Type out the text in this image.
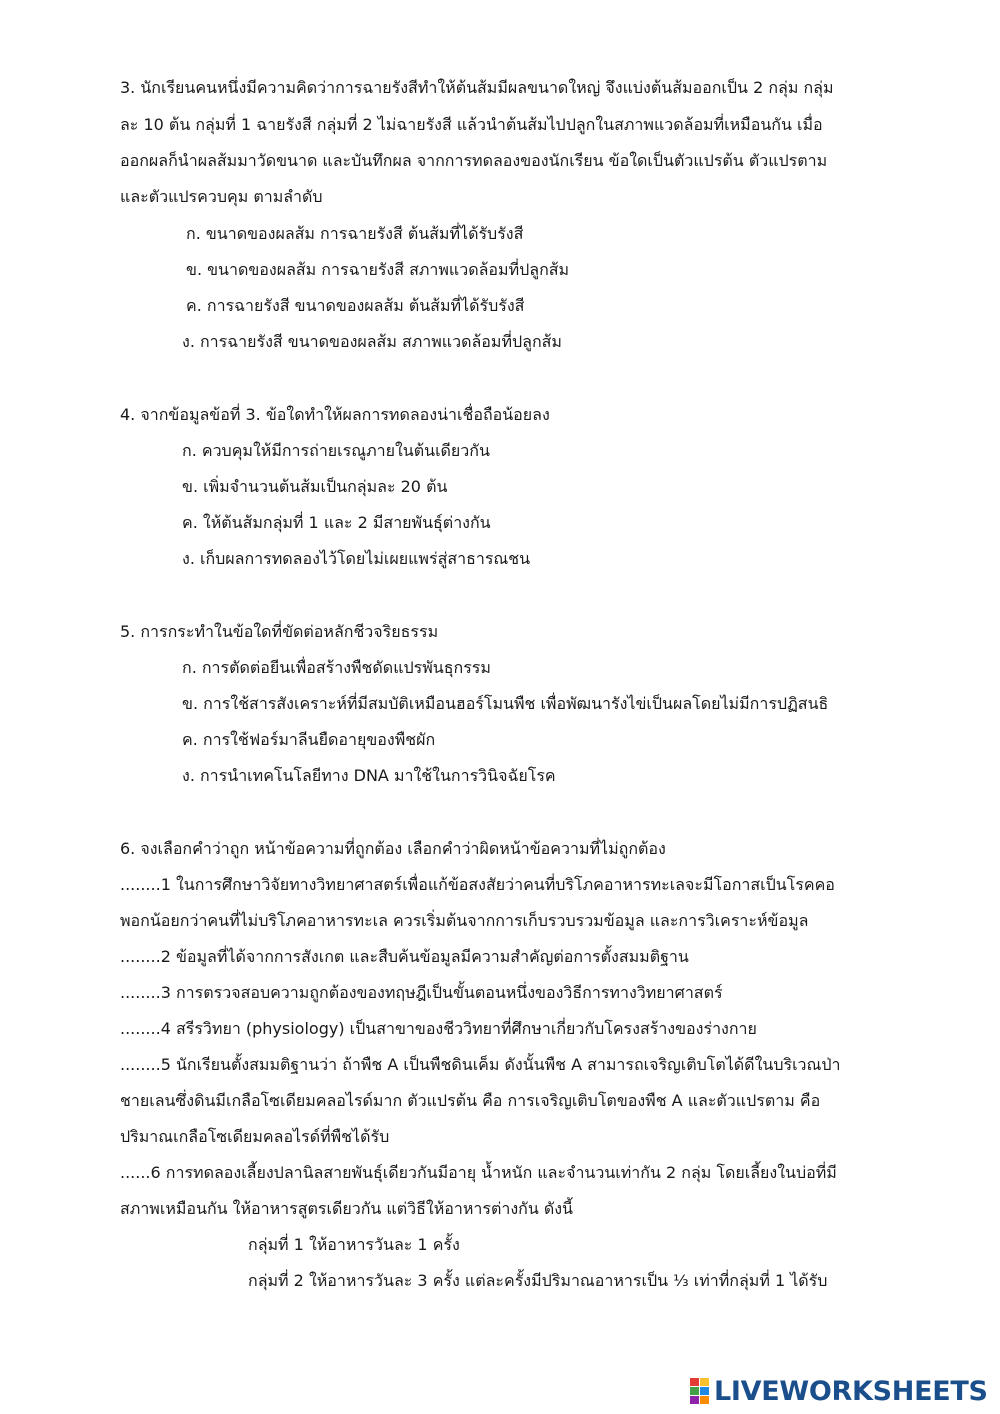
3. นักเรียนคนหนึ่งมีความคิดว่าการฉายรังสีทำให้ต้นส้มมีผลขนาดใหญ่ จึงแบ่งต้นส้มออกเป็น 2 กลุ่ม กลุ่ม
ละ 10 ต้น กลุ่มที่ 1 ฉายรังสี กลุ่มที่ 2 ไม่ฉายรังสี แล้วนำต้นส้มไปปลูกในสภาพแวดล้อมที่เหมือนกัน เมื่อ
ออกผลก็นำผลส้มมาวัดขนาด และบันทึกผล จากการทดลองของนักเรียน ข้อใดเป็นตัวแปรต้น ตัวแปรตาม
และตัวแปรควบคุม ตามลำดับ
ก. ขนาดของผลส้ม การฉายรังสี ต้นส้มที่ได้รับรังสี
ข. ขนาดของผลส้ม การฉายรังสี สภาพแวดล้อมที่ปลูกส้ม
ค. การฉายรังสี ขนาดของผลส้ม ต้นส้มที่ได้รับรังสี
ง. การฉายรังสี ขนาดของผลส้ม สภาพแวดล้อมที่ปลูกส้ม
4. จากข้อมูลข้อที่ 3. ข้อใดทำให้ผลการทดลองน่าเชื่อถือน้อยลง
ก. ควบคุมให้มีการถ่ายเรณูภายในต้นเดียวกัน
ข. เพิ่มจำนวนต้นส้มเป็นกลุ่มละ 20 ต้น
ค. ให้ต้นส้มกลุ่มที่ 1 และ 2 มีสายพันธุ์ต่างกัน
ง. เก็บผลการทดลองไว้โดยไม่เผยแพร่สู่สาธารณชน
5. การกระทำในข้อใดที่ขัดต่อหลักชีวจริยธรรม
ก. การตัดต่อยีนเพื่อสร้างพืชดัดแปรพันธุกรรม
ข. การใช้สารสังเคราะห์ที่มีสมบัติเหมือนฮอร์โมนพืช เพื่อพัฒนารังไข่เป็นผลโดยไม่มีการปฏิสนธิ
ค. การใช้ฟอร์มาลีนยืดอายุของพืชผัก
ง. การนำเทคโนโลยีทาง DNA มาใช้ในการวินิจฉัยโรค
6. จงเลือกคำว่าถูก หน้าข้อความที่ถูกต้อง เลือกคำว่าผิดหน้าข้อความที่ไม่ถูกต้อง
........1 ในการศึกษาวิจัยทางวิทยาศาสตร์เพื่อแก้ข้อสงสัยว่าคนที่บริโภคอาหารทะเลจะมีโอกาสเป็นโรคคอ
พอกน้อยกว่าคนที่ไม่บริโภคอาหารทะเล ควรเริ่มต้นจากการเก็บรวบรวมข้อมูล และการวิเคราะห์ข้อมูล
........2 ข้อมูลที่ได้จากการสังเกต และสืบค้นข้อมูลมีความสำคัญต่อการตั้งสมมติฐาน
........3 การตรวจสอบความถูกต้องของทฤษฎีเป็นขั้นตอนหนึ่งของวิธีการทางวิทยาศาสตร์
........4 สรีรวิทยา (physiology) เป็นสาขาของชีววิทยาที่ศึกษาเกี่ยวกับโครงสร้างของร่างกาย
........5 นักเรียนตั้งสมมติฐานว่า ถ้าพืช A เป็นพืชดินเค็ม ดังนั้นพืช A สามารถเจริญเติบโตได้ดีในบริเวณป่า
ชายเลนซึ่งดินมีเกลือโซเดียมคลอไรด์มาก ตัวแปรต้น คือ การเจริญเติบโตของพืช A และตัวแปรตาม คือ
ปริมาณเกลือโซเดียมคลอไรด์ที่พืชได้รับ
......6 การทดลองเลี้ยงปลานิลสายพันธุ์เดียวกันมีอายุ น้ำหนัก และจำนวนเท่ากัน 2 กลุ่ม โดยเลี้ยงในบ่อที่มี
สภาพเหมือนกัน ให้อาหารสูตรเดียวกัน แต่วิธีให้อาหารต่างกัน ดังนี้
กลุ่มที่ 1 ให้อาหารวันละ 1 ครั้ง
กลุ่มที่ 2 ให้อาหารวันละ 3 ครั้ง แต่ละครั้งมีปริมาณอาหารเป็น ⅓ เท่าที่กลุ่มที่ 1 ได้รับ
LIVEWORKSHEETS
